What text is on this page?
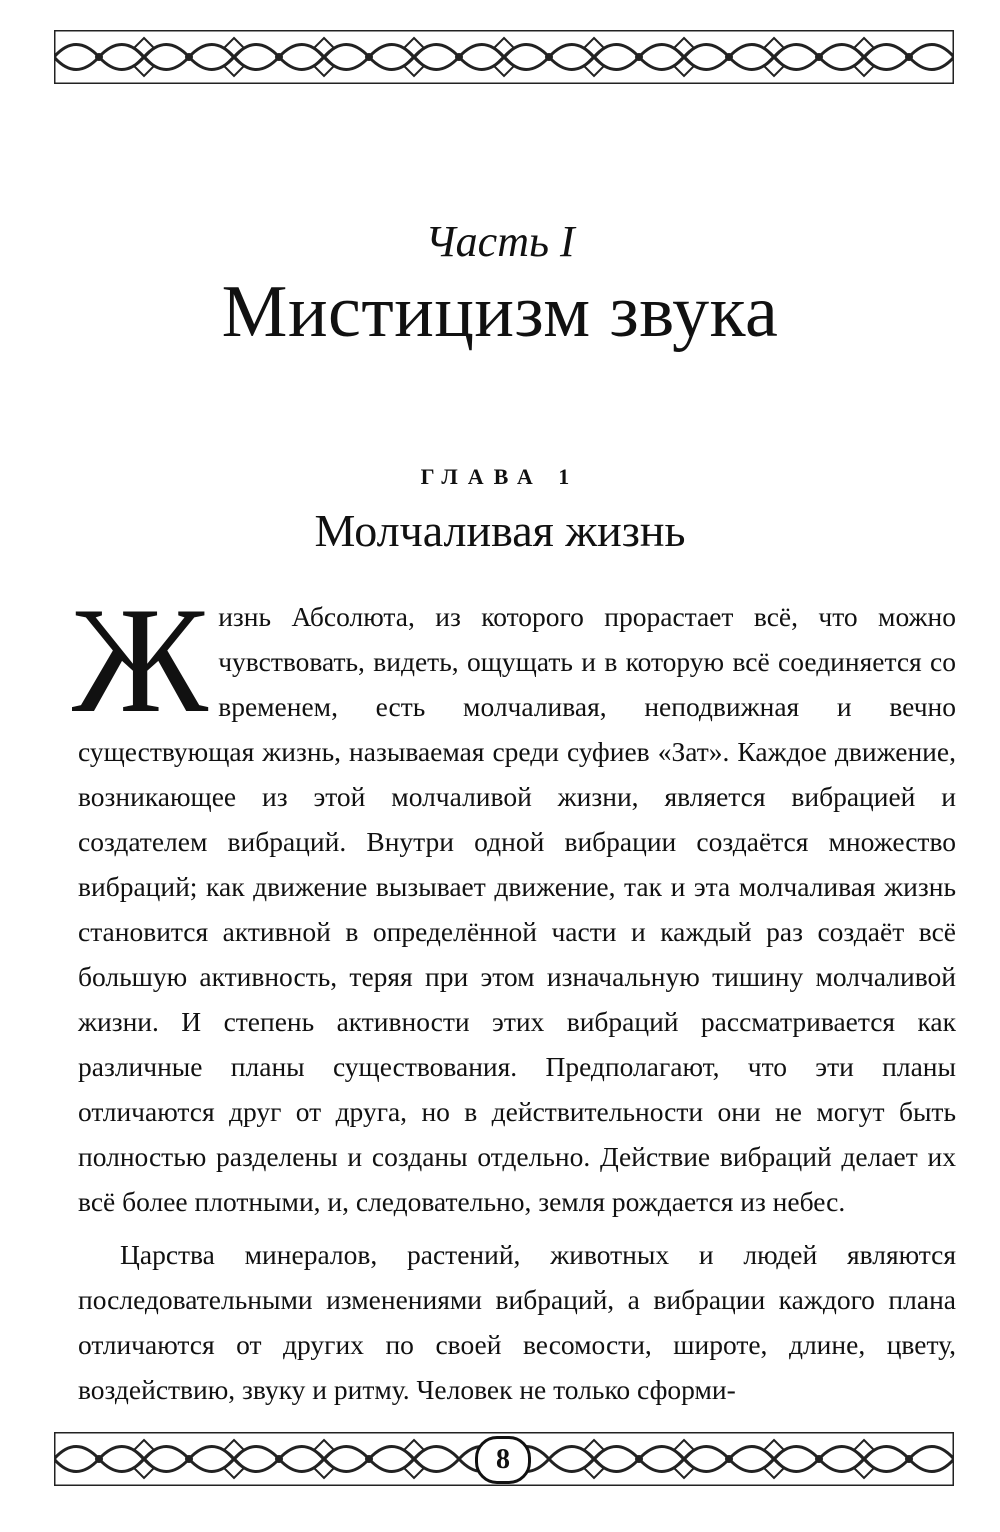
Часть I
Мистицизм звука
ГЛАВА 1
Молчаливая жизнь

Жизнь Абсолюта, из которого прорастает всё, что можно чувствовать, видеть, ощущать и в которую всё соединяется со временем, есть молчаливая, неподвижная и вечно существующая жизнь, называемая среди суфиев «Зат». Каждое движение, возникающее из этой молчаливой жизни, является вибрацией и создателем вибраций. Внутри одной вибрации создаётся множество вибраций; как движение вызывает движение, так и эта молчаливая жизнь становится активной в определённой части и каждый раз создаёт всё большую активность, теряя при этом изначальную тишину молчаливой жизни. И степень активности этих вибраций рассматривается как различные планы существования. Предполагают, что эти планы отличаются друг от друга, но в действительности они не могут быть полностью разделены и созданы отдельно. Действие вибраций делает их всё более плотными, и, следовательно, земля рождается из небес.

Царства минералов, растений, животных и людей являются последовательными изменениями вибраций, а вибрации каждого плана отличаются от других по своей весомости, широте, длине, цвету, воздействию, звуку и ритму. Человек не только сформи-

8
